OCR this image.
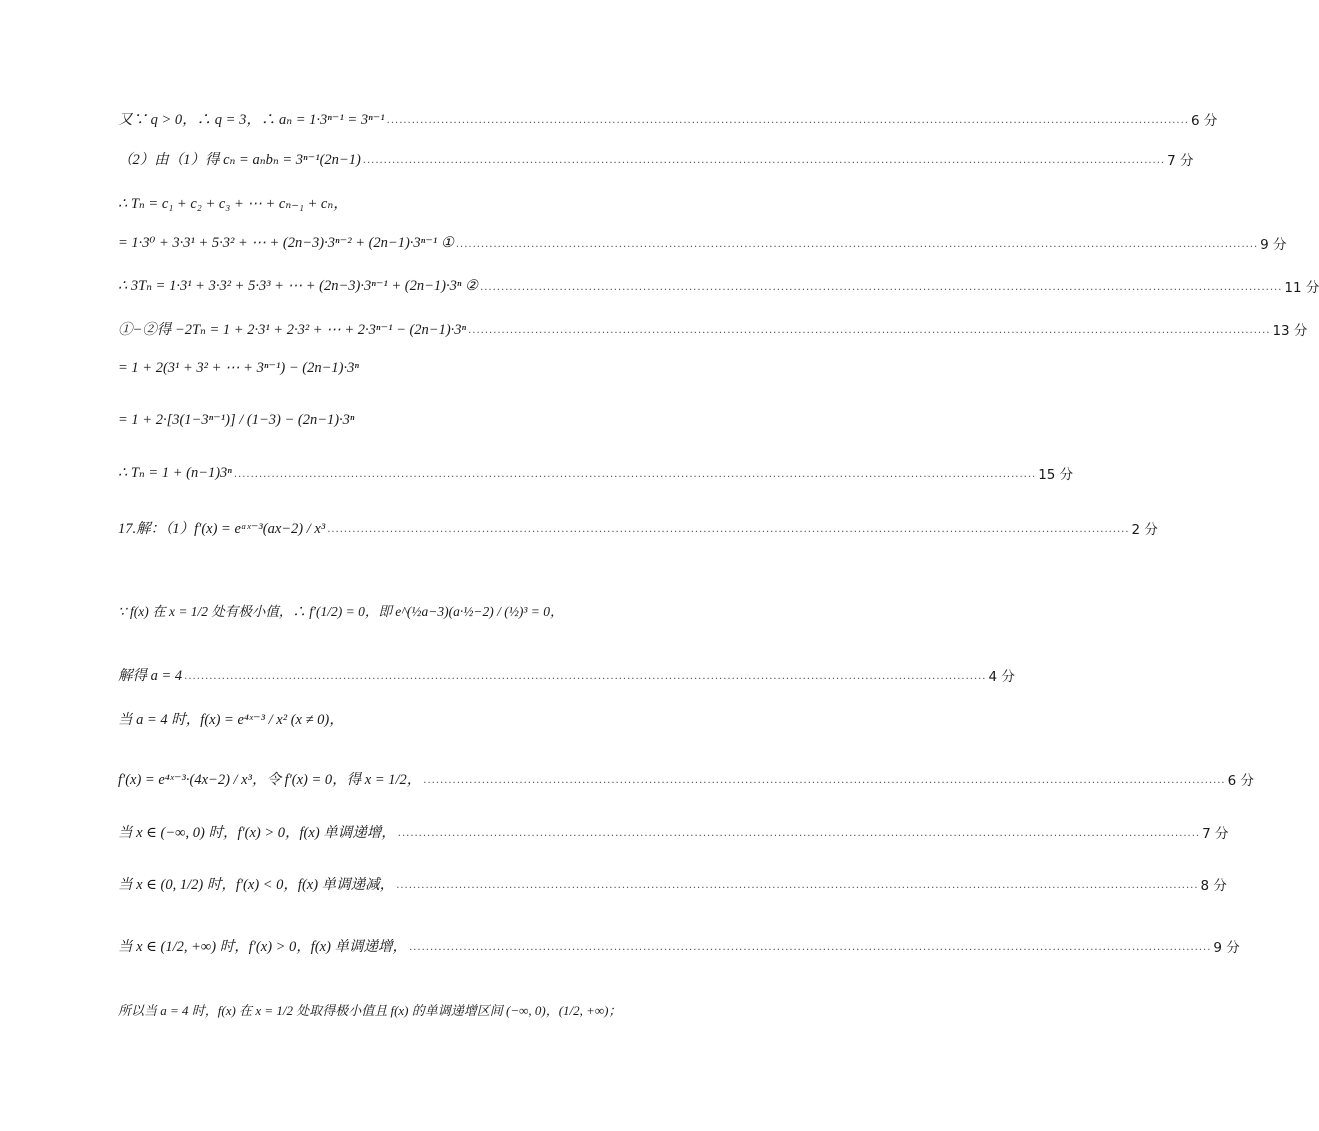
又∵ q > 0，∴ q = 3，∴ aₙ = 1·3ⁿ⁻¹ = 3ⁿ⁻¹ ................................................................................................................................................................................................ 6 分
（2）由（1）得 cₙ = aₙbₙ = 3ⁿ⁻¹(2n−1) ................................................................................................................................................................................................ 7 分
∴ Tₙ = c₁ + c₂ + c₃ + ⋯ + cₙ₋₁ + cₙ，
= 1·3⁰ + 3·3¹ + 5·3² + ⋯ + (2n−3)·3ⁿ⁻² + (2n−1)·3ⁿ⁻¹ ① ................................................................................................................................................................................................ 9 分
∴ 3Tₙ = 1·3¹ + 3·3² + 5·3³ + ⋯ + (2n−3)·3ⁿ⁻¹ + (2n−1)·3ⁿ ② ................................................................................................................................................................................................ 11 分
①−②得 −2Tₙ = 1 + 2·3¹ + 2·3² + ⋯ + 2·3ⁿ⁻¹ − (2n−1)·3ⁿ ................................................................................................................................................................................................ 13 分
= 1 + 2(3¹ + 3² + ⋯ + 3ⁿ⁻¹) − (2n−1)·3ⁿ
= 1 + 2·[3(1−3ⁿ⁻¹)] / (1−3) − (2n−1)·3ⁿ
∴ Tₙ = 1 + (n−1)3ⁿ ................................................................................................................................................................................................ 15 分
17.解：（1）f′(x) = eᵃˣ⁻³(ax−2) / x³ ................................................................................................................................................................................................ 2 分
∵ f(x) 在 x = 1/2 处有极小值，∴ f′(1/2) = 0，即 e^(½a−3)(a·½−2) / (½)³ = 0，
解得 a = 4 ................................................................................................................................................................................................ 4 分
当 a = 4 时，f(x) = e⁴ˣ⁻³ / x² (x ≠ 0)，
f′(x) = e⁴ˣ⁻³·(4x−2) / x³，令 f′(x) = 0，得 x = 1/2， ................................................................................................................................................................................................ 6 分
当 x ∈ (−∞, 0) 时，f′(x) > 0，f(x) 单调递增， ................................................................................................................................................................................................ 7 分
当 x ∈ (0, 1/2) 时，f′(x) < 0，f(x) 单调递减， ................................................................................................................................................................................................ 8 分
当 x ∈ (1/2, +∞) 时，f′(x) > 0，f(x) 单调递增， ................................................................................................................................................................................................ 9 分
所以当 a = 4 时，f(x) 在 x = 1/2 处取得极小值且 f(x) 的单调递增区间 (−∞, 0)，(1/2, +∞)；
